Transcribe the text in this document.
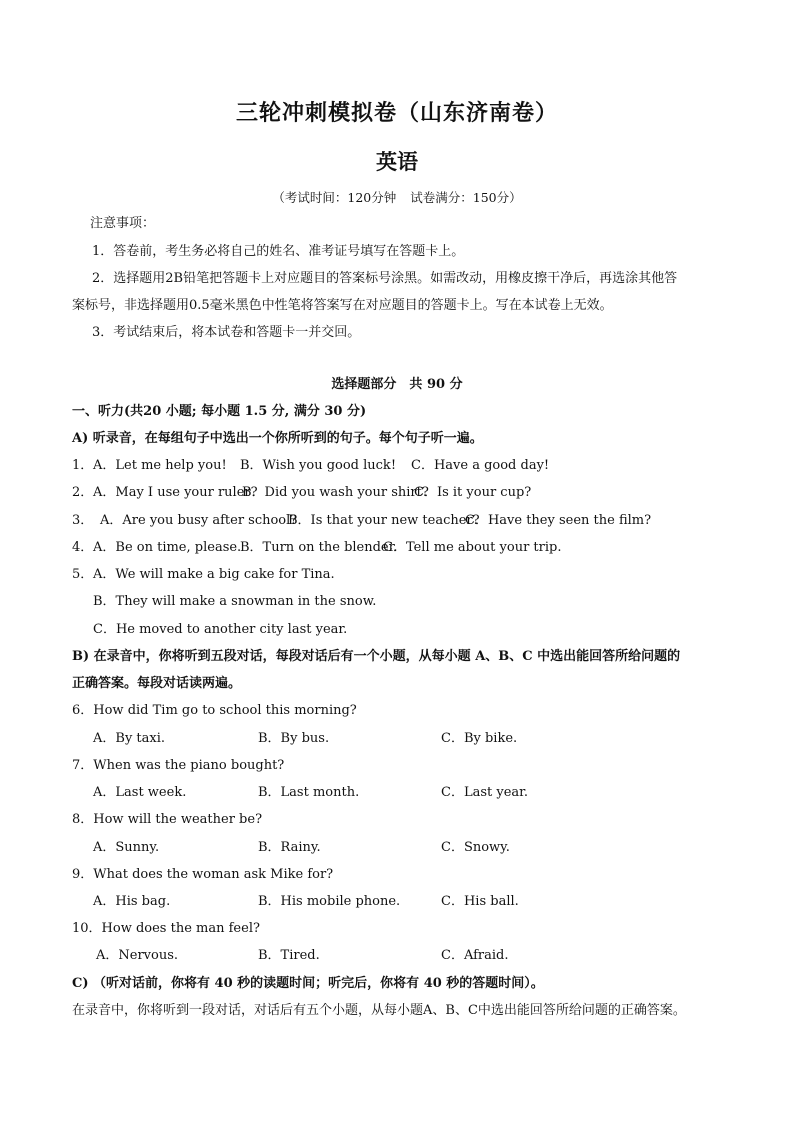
三轮冲刺模拟卷（山东济南卷）
英语
（考试时间：120分钟 试卷满分：150分）
注意事项：
1．答卷前，考生务必将自己的姓名、准考证号填写在答题卡上。
2．选择题用2B铅笔把答题卡上对应题目的答案标号涂黑。如需改动，用橡皮擦干净后，再选涂其他答
案标号，非选择题用0.5毫米黑色中性笔将答案写在对应题目的答题卡上。写在本试卷上无效。
3．考试结束后，将本试卷和答题卡一并交回。
选择题部分　共 90 分
一、听力(共20 小题; 每小题 1.5 分, 满分 30 分)
A) 听录音，在每组句子中选出一个你所听到的句子。每个句子听一遍。
1． A．Let me help you! B．Wish you good luck! C．Have a good day!
2． A．May I use your ruler?
B．Did you wash your shirt?
C．Is it your cup?
3． A．Are you busy after school?
B．Is that your new teacher?
C．Have they seen the film?
4． A．Be on time, please.
B．Turn on the blender.
C．Tell me about your trip.
5． A．We will make a big cake for Tina.
B．They will make a snowman in the snow.
C．He moved to another city last year.
B) 在录音中，你将听到五段对话，每段对话后有一个小题，从每小题 A、B、C 中选出能回答所给问题的
正确答案。每段对话读两遍。
6．How did Tim go to school this morning?
A．By taxi.	B．By bus.	C．By bike.
7．When was the piano bought?
A．Last week.	B．Last month.	C．Last year.
8．How will the weather be?
A．Sunny.	B．Rainy.	C．Snowy.
9．What does the woman ask Mike for?
A．His bag.	B．His mobile phone.	C．His ball.
10．How does the man feel?
A．Nervous.	B．Tired.	C．Afraid.
C) （听对话前，你将有 40 秒的读题时间；听完后，你将有 40 秒的答题时间）。
在录音中，你将听到一段对话，对话后有五个小题，从每小题A、B、C中选出能回答所给问题的正确答案。
